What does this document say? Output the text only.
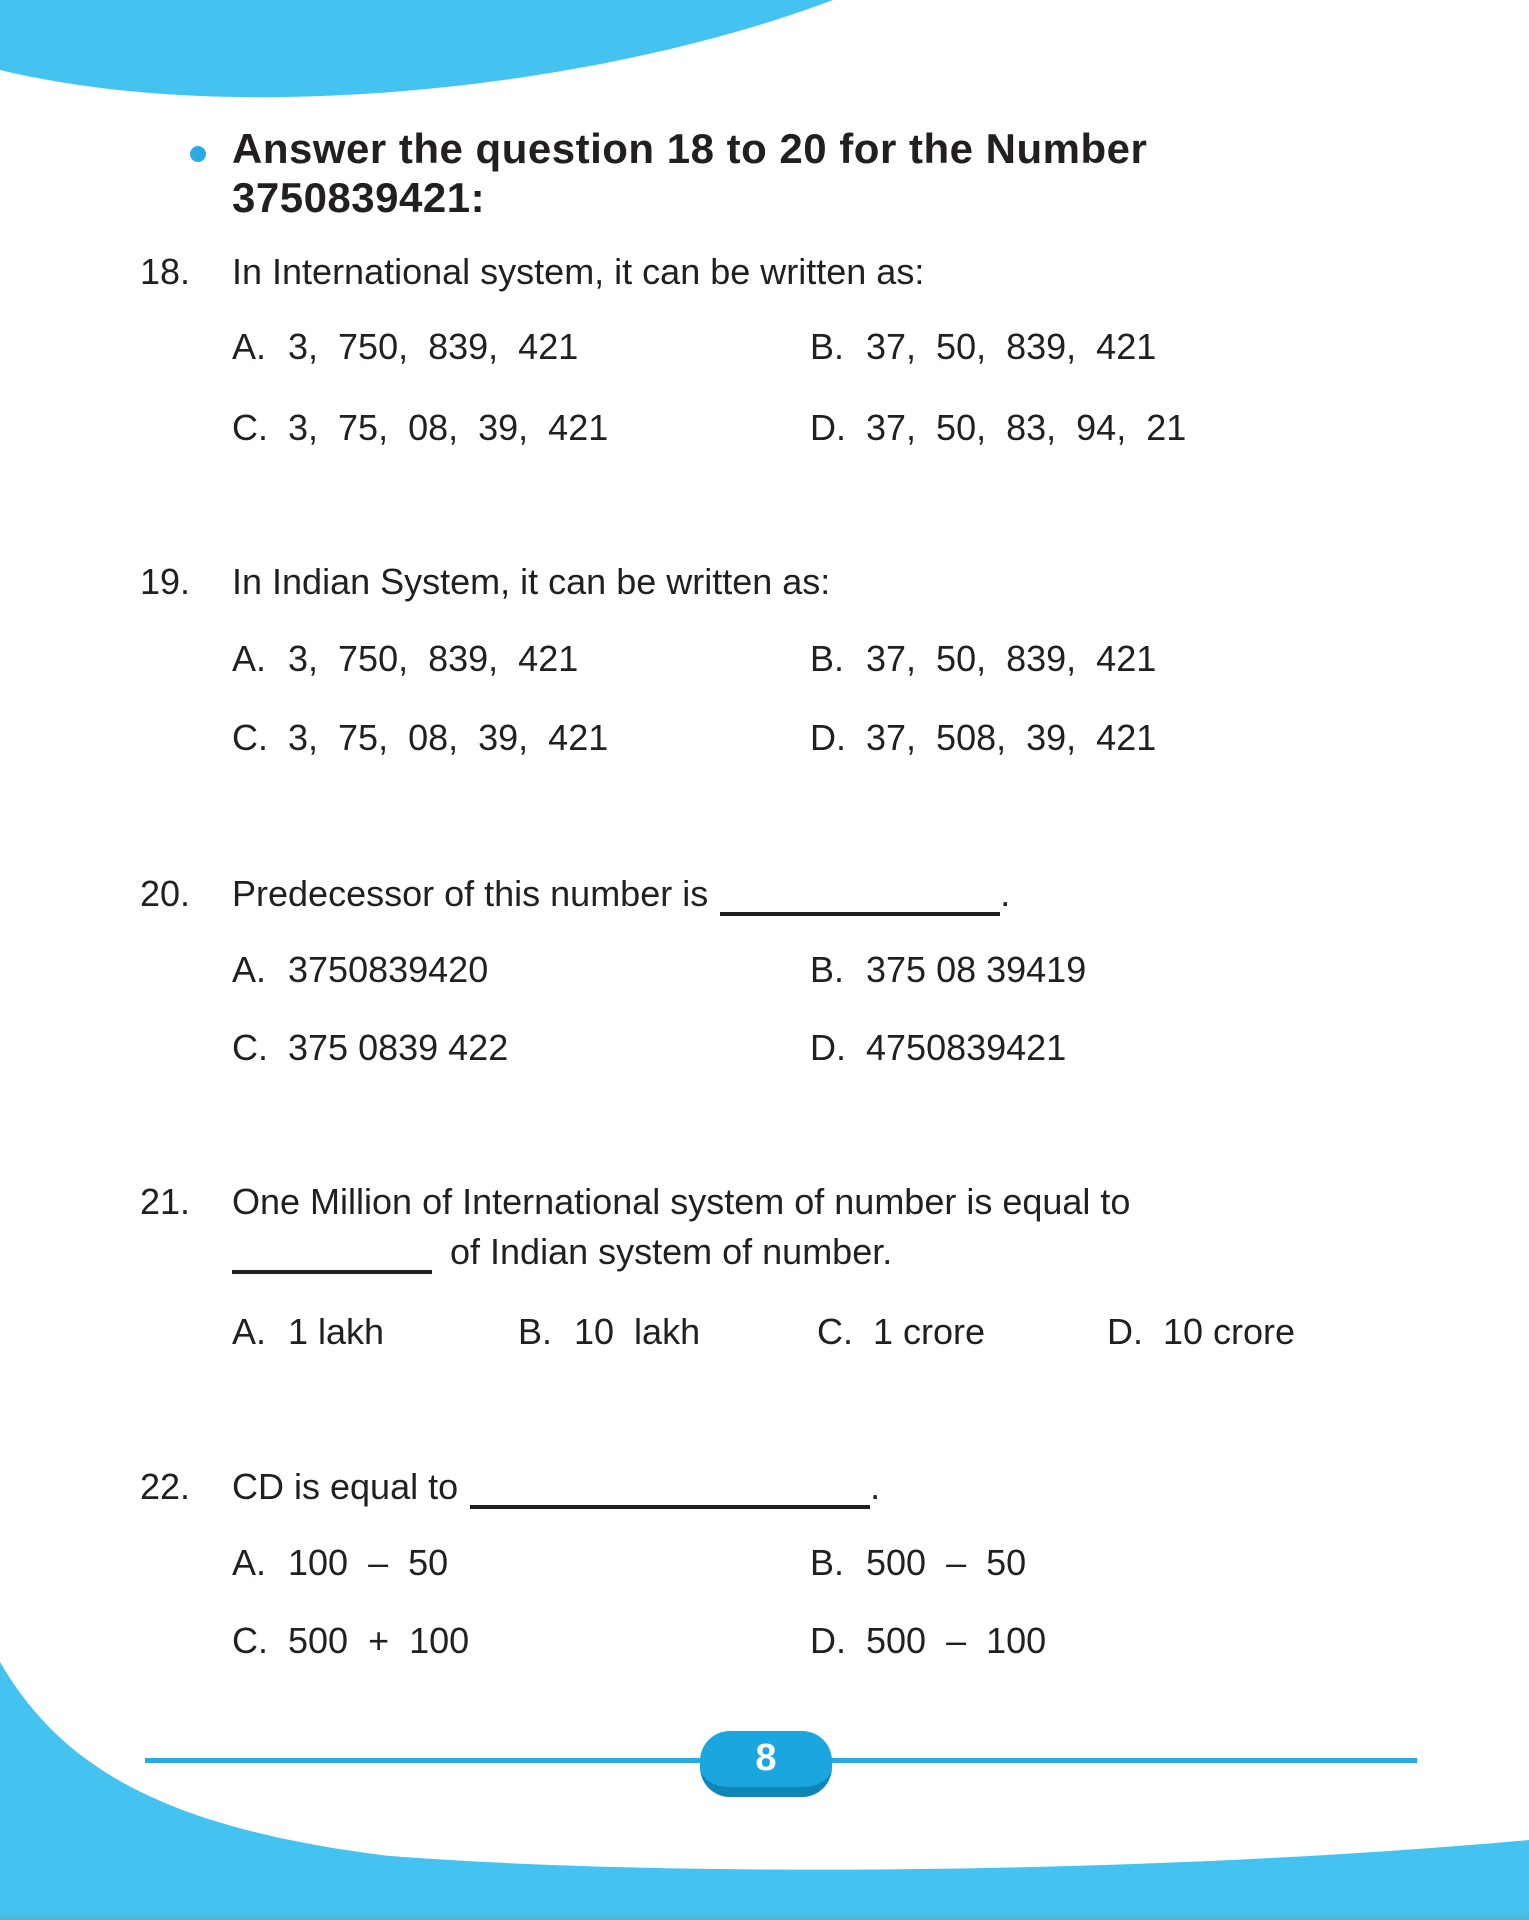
Answer the question 18 to 20 for the Number
3750839421:
18.	In International system, it can be written as:
A. 3,  750,  839,  421	B. 37,  50,  839,  421
C. 3,  75,  08,  39,  421	D. 37,  50,  83,  94,  21
19.	In Indian System, it can be written as:
A. 3,  750,  839,  421	B. 37,  50,  839,  421
C. 3,  75,  08,  39,  421	D. 37,  508,  39,  421
20.	Predecessor of this number is	.
A. 3750839420	B. 375 08 39419
C. 375 0839 422	D. 4750839421
21.	One Million of International system of number is equal to
of Indian system of number.
A. 1 lakh	B. 10  lakh	C. 1 crore	D. 10 crore
22.	CD is equal to	.
A. 100  –  50	B. 500  –  50
C. 500  +  100	D. 500  –  100
8
